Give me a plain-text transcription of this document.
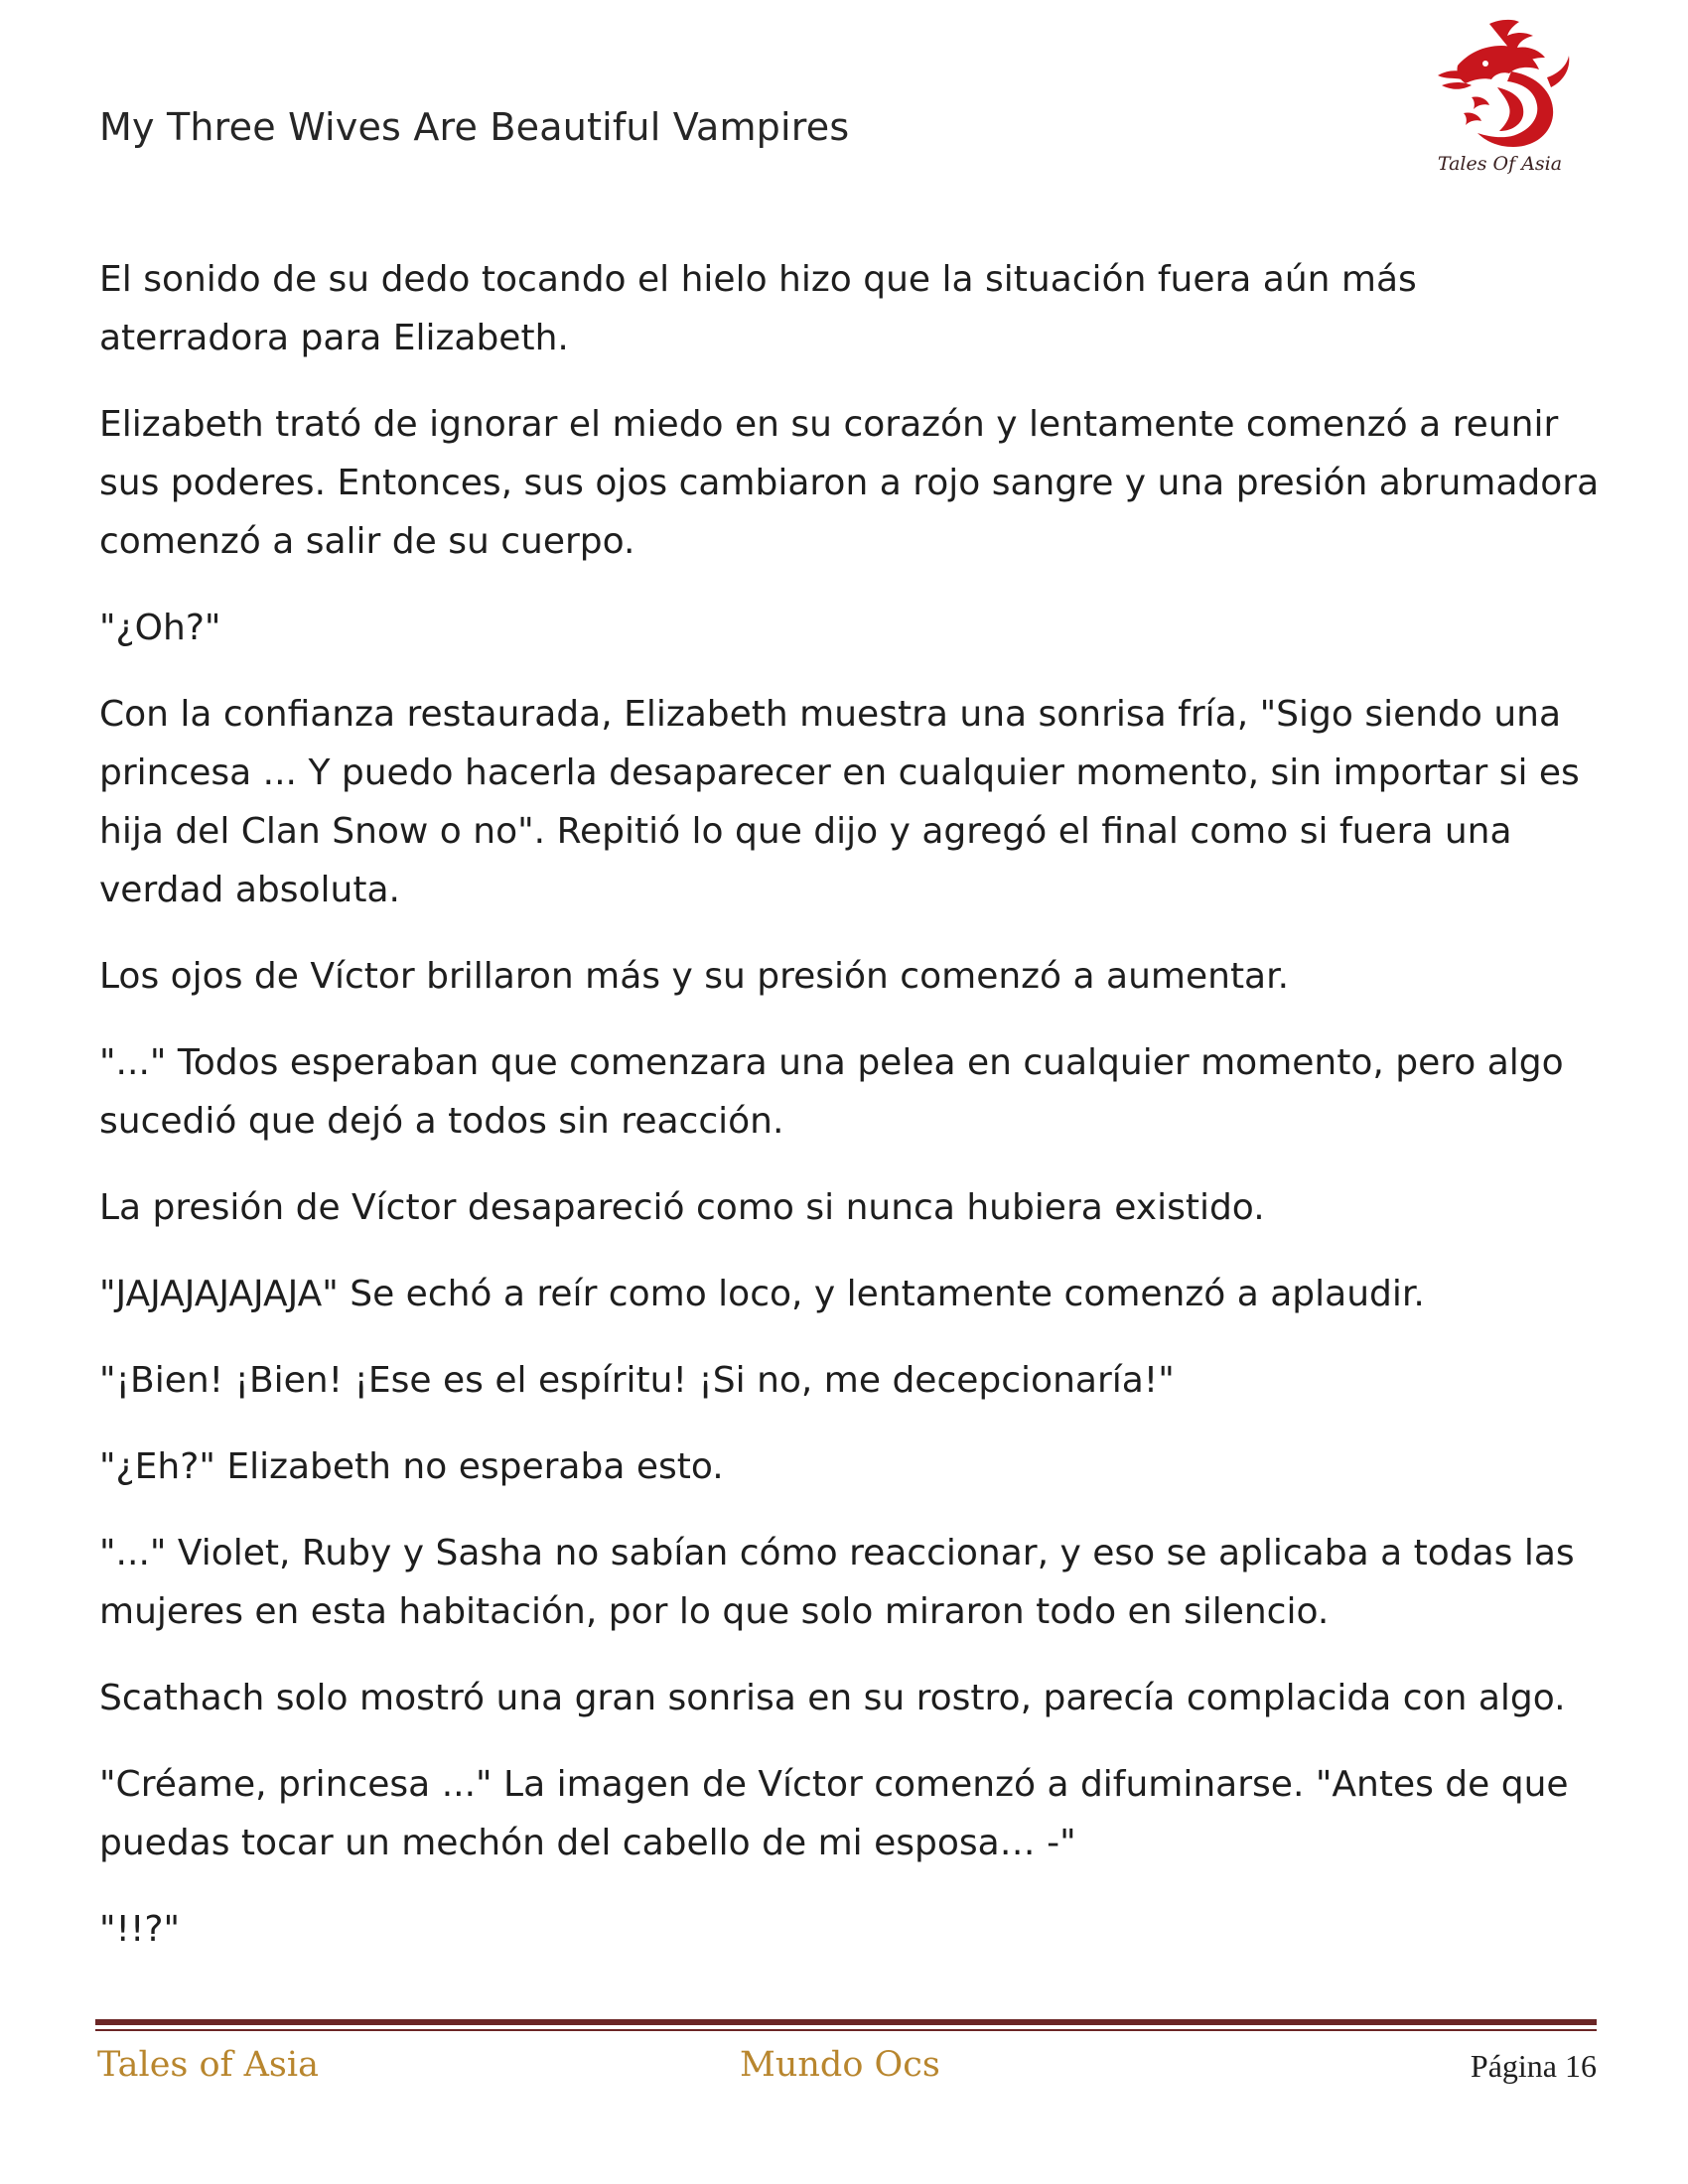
My Three Wives Are Beautiful Vampires
Tales Of Asia

El sonido de su dedo tocando el hielo hizo que la situación fuera aún más aterradora para Elizabeth.

Elizabeth trató de ignorar el miedo en su corazón y lentamente comenzó a reunir sus poderes. Entonces, sus ojos cambiaron a rojo sangre y una presión abrumadora comenzó a salir de su cuerpo.

"¿Oh?"

Con la confianza restaurada, Elizabeth muestra una sonrisa fría, "Sigo siendo una princesa ... Y puedo hacerla desaparecer en cualquier momento, sin importar si es hija del Clan Snow o no". Repitió lo que dijo y agregó el final como si fuera una verdad absoluta.

Los ojos de Víctor brillaron más y su presión comenzó a aumentar.

"..." Todos esperaban que comenzara una pelea en cualquier momento, pero algo sucedió que dejó a todos sin reacción.

La presión de Víctor desapareció como si nunca hubiera existido.

"JAJAJAJAJAJA" Se echó a reír como loco, y lentamente comenzó a aplaudir.

"¡Bien! ¡Bien! ¡Ese es el espíritu! ¡Si no, me decepcionaría!"

"¿Eh?" Elizabeth no esperaba esto.

"..." Violet, Ruby y Sasha no sabían cómo reaccionar, y eso se aplicaba a todas las mujeres en esta habitación, por lo que solo miraron todo en silencio.

Scathach solo mostró una gran sonrisa en su rostro, parecía complacida con algo.

"Créame, princesa ..." La imagen de Víctor comenzó a difuminarse. "Antes de que puedas tocar un mechón del cabello de mi esposa… -"

"!!?"

Tales of Asia	Mundo Ocs	Página 16
